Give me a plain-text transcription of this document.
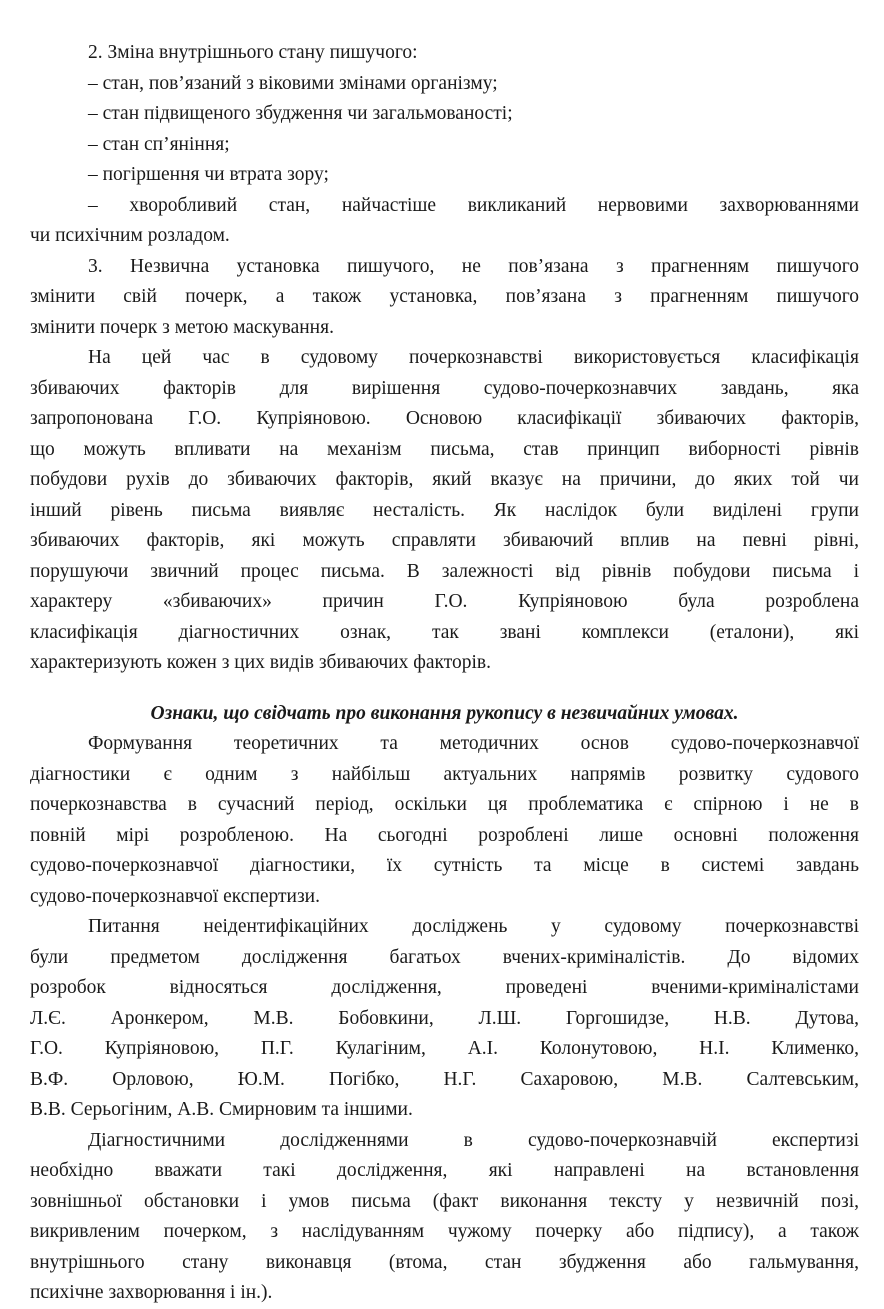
2. Зміна внутрішнього стану пишучого:
– стан, пов’язаний з віковими змінами організму;
– стан підвищеного збудження чи загальмованості;
– стан сп’яніння;
– погіршення чи втрата зору;
– хворобливий стан, найчастіше викликаний нервовими захворюваннями
чи психічним розладом.
3. Незвична установка пишучого, не пов’язана з прагненням пишучого
змінити свій почерк, а також установка, пов’язана з прагненням пишучого
змінити почерк з метою маскування.
На цей час в судовому почеркознавстві використовується класифікація
збиваючих факторів для вирішення судово-почеркознавчих завдань, яка
запропонована Г.О. Купріяновою. Основою класифікації збиваючих факторів,
що можуть впливати на механізм письма, став принцип виборності рівнів
побудови рухів до збиваючих факторів, який вказує на причини, до яких той чи
інший рівень письма виявляє несталість. Як наслідок були виділені групи
збиваючих факторів, які можуть справляти збиваючий вплив на певні рівні,
порушуючи звичний процес письма. В залежності від рівнів побудови письма і
характеру «збиваючих» причин Г.О. Купріяновою була розроблена
класифікація діагностичних ознак, так звані комплекси (еталони), які
характеризують кожен з цих видів збиваючих факторів.
Ознаки, що свідчать про виконання рукопису в незвичайних умовах.
Формування теоретичних та методичних основ судово-почеркознавчої
діагностики є одним з найбільш актуальних напрямів розвитку судового
почеркознавства в сучасний період, оскільки ця проблематика є спірною і не в
повній мірі розробленою. На сьогодні розроблені лише основні положення
судово-почеркознавчої діагностики, їх сутність та місце в системі завдань
судово-почеркознавчої експертизи.
Питання неідентифікаційних досліджень у судовому почеркознавстві
були предметом дослідження багатьох вчених-криміналістів. До відомих
розробок відносяться дослідження, проведені вченими-криміналістами
Л.Є. Аронкером, М.В. Бобовкини, Л.Ш. Горгошидзе, Н.В. Дутова,
Г.О. Купріяновою, П.Г. Кулагіним, А.І. Колонутовою, Н.І. Клименко,
В.Ф. Орловою, Ю.М. Погібко, Н.Г. Сахаровою, М.В. Салтевським,
В.В. Серьогіним, А.В. Смирновим та іншими.
Діагностичними дослідженнями в судово-почеркознавчій експертизі
необхідно вважати такі дослідження, які направлені на встановлення
зовнішньої обстановки і умов письма (факт виконання тексту у незвичній позі,
викривленим почерком, з наслідуванням чужому почерку або підпису), а також
внутрішнього стану виконавця (втома, стан збудження або гальмування,
психічне захворювання і ін.).
